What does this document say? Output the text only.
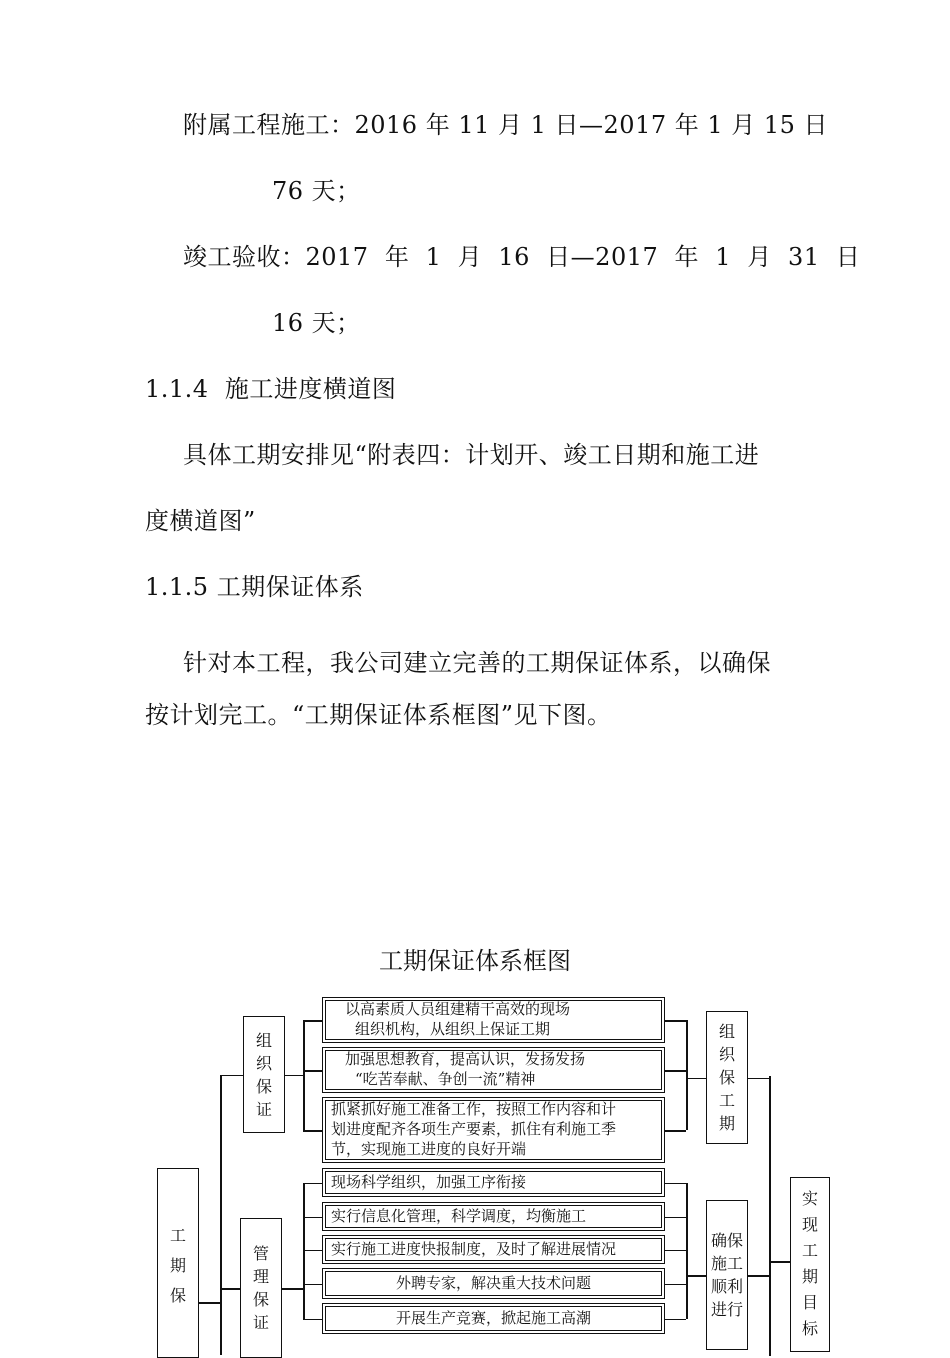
附属工程施工：2016 年 11 月 1 日—2017 年 1 月 15 日
76 天；
竣工验收：2017  年  1  月  16  日—2017  年  1  月  31  日
16 天；
1.1.4  施工进度横道图
具体工期安排见“附表四：计划开、竣工日期和施工进
度横道图”
1.1.5 工期保证体系
针对本工程，我公司建立完善的工期保证体系，以确保
按计划完工。“工期保证体系框图”见下图。
工期保证体系框图
工
期
保
组
织
保
证
以高素质人员组建精干高效的现场
组织机构，从组织上保证工期
加强思想教育，提高认识，发扬发扬
“吃苦奉献、争创一流”精神
抓紧抓好施工准备工作，按照工作内容和计
划进度配齐各项生产要素，抓住有利施工季
节，实现施工进度的良好开端
组
织
保
工
期
管
理
保
证
现场科学组织，加强工序衔接
实行信息化管理，科学调度，均衡施工
实行施工进度快报制度，及时了解进展情况
外聘专家，解决重大技术问题
开展生产竞赛，掀起施工高潮
确保
施工
顺利
进行
实
现
工
期
目
标
